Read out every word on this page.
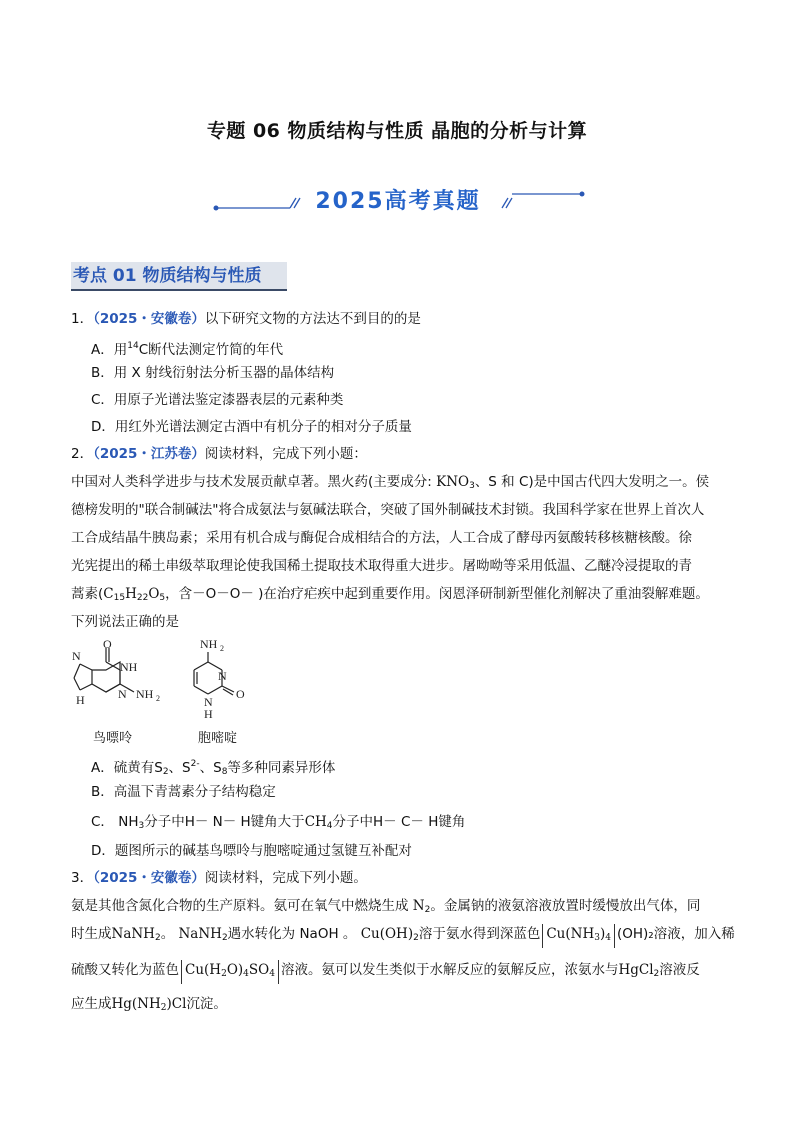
专题 06 物质结构与性质 晶胞的分析与计算
2025高考真题
考点 01 物质结构与性质
1．（2025・安徽卷）以下研究文物的方法达不到目的的是
A．用$^{14}$C断代法测定竹简的年代
B．用 X 射线衍射法分析玉器的晶体结构
C．用原子光谱法鉴定漆器表层的元素种类
D．用红外光谱法测定古酒中有机分子的相对分子质量
2．（2025・江苏卷）阅读材料，完成下列小题：
中国对人类科学进步与技术发展贡献卓著。黑火药(主要成分: $KNO_3$、S 和 C)是中国古代四大发明之一。侯
德榜发明的"联合制碱法"将合成氨法与氨碱法联合，突破了国外制碱技术封锁。我国科学家在世界上首次人
工合成结晶牛胰岛素；采用有机合成与酶促合成相结合的方法，人工合成了酵母丙氨酸转移核糖核酸。徐
光宪提出的稀土串级萃取理论使我国稀土提取技术取得重大进步。屠呦呦等采用低温、乙醚冷浸提取的青
蒿素($C_{15}H_{22}O_5$，含－O－O－ )在治疗疟疾中起到重要作用。闵恩泽研制新型催化剂解决了重油裂解难题。
下列说法正确的是
O
NH
N NH 2
N
H
鸟嘌呤
NH 2
N
O
N
H
胞嘧啶
A．硫黄有$S_2$、$S^{2-}$、$S_8$等多种同素异形体
B．高温下青蒿素分子结构稳定
C． $NH_3$分子中H－ N－ H键角大于$CH_4$分子中H－ C－ H键角
D．题图所示的碱基鸟嘌呤与胞嘧啶通过氢键互补配对
3．（2025・安徽卷）阅读材料，完成下列小题。
氨是其他含氮化合物的生产原料。氨可在氧气中燃烧生成 $N_2$。金属钠的液氨溶液放置时缓慢放出气体，同
时生成NaNH$_2$。 NaNH$_2$遇水转化为 NaOH 。 $Cu(OH)_2$溶于氨水得到深蓝色 $Cu(NH_3)_4$ (OH)₂溶液，加入稀
硫酸又转化为蓝色 $Cu(H_2O)_4SO_4$ 溶液。氨可以发生类似于水解反应的氨解反应，浓氨水与HgCl$_2$溶液反
应生成$Hg(NH_2)Cl$沉淀。
